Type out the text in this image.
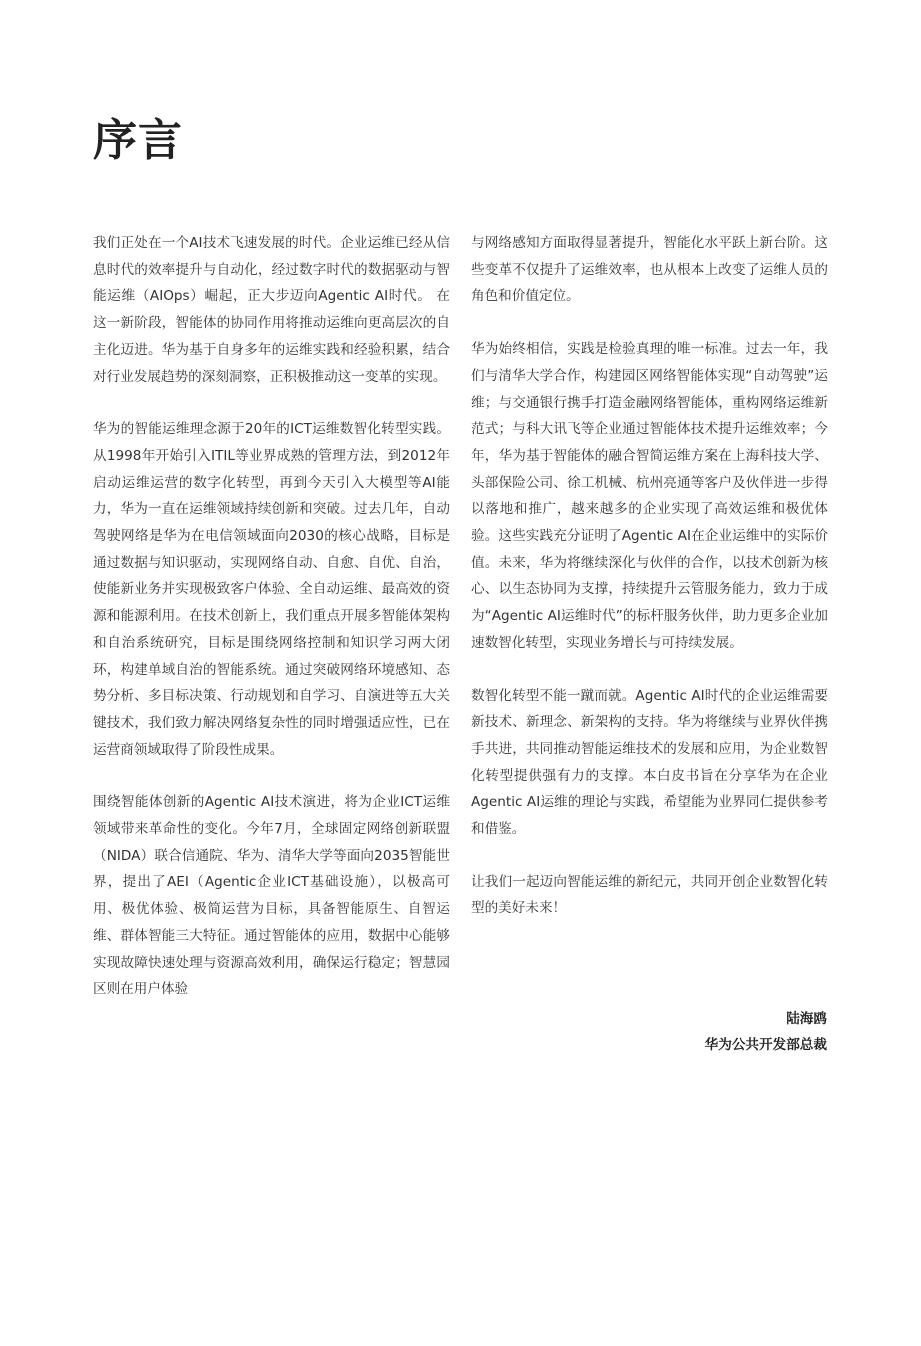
序言

我们正处在一个AI技术飞速发展的时代。企业运维已经从信息时代的效率提升与自动化，经过数字时代的数据驱动与智能运维（AIOps）崛起，正大步迈向Agentic AI时代。 在这一新阶段，智能体的协同作用将推动运维向更高层次的自主化迈进。华为基于自身多年的运维实践和经验积累，结合对行业发展趋势的深刻洞察，正积极推动这一变革的实现。

华为的智能运维理念源于20年的ICT运维数智化转型实践。从1998年开始引入ITIL等业界成熟的管理方法，到2012年启动运维运营的数字化转型，再到今天引入大模型等AI能力，华为一直在运维领域持续创新和突破。过去几年，自动驾驶网络是华为在电信领域面向2030的核心战略，目标是通过数据与知识驱动，实现网络自动、自愈、自优、自治，使能新业务并实现极致客户体验、全自动运维、最高效的资源和能源利用。在技术创新上，我们重点开展多智能体架构和自治系统研究，目标是围绕网络控制和知识学习两大闭环，构建单域自治的智能系统。通过突破网络环境感知、态势分析、多目标决策、行动规划和自学习、自演进等五大关键技术，我们致力解决网络复杂性的同时增强适应性，已在运营商领域取得了阶段性成果。

围绕智能体创新的Agentic AI技术演进，将为企业ICT运维领域带来革命性的变化。今年7月，全球固定网络创新联盟（NIDA）联合信通院、华为、清华大学等面向2035智能世界，提出了AEI（Agentic企业ICT基础设施），以极高可用、极优体验、极简运营为目标，具备智能原生、自智运维、群体智能三大特征。通过智能体的应用，数据中心能够实现故障快速处理与资源高效利用，确保运行稳定；智慧园区则在用户体验

与网络感知方面取得显著提升，智能化水平跃上新台阶。这些变革不仅提升了运维效率，也从根本上改变了运维人员的角色和价值定位。

华为始终相信，实践是检验真理的唯一标准。过去一年，我们与清华大学合作，构建园区网络智能体实现“自动驾驶”运维；与交通银行携手打造金融网络智能体，重构网络运维新范式；与科大讯飞等企业通过智能体技术提升运维效率；今年，华为基于智能体的融合智简运维方案在上海科技大学、头部保险公司、徐工机械、杭州亮通等客户及伙伴进一步得以落地和推广，越来越多的企业实现了高效运维和极优体验。这些实践充分证明了Agentic AI在企业运维中的实际价值。未来，华为将继续深化与伙伴的合作，以技术创新为核心、以生态协同为支撑，持续提升云管服务能力，致力于成为“Agentic AI运维时代”的标杆服务伙伴，助力更多企业加速数智化转型，实现业务增长与可持续发展。

数智化转型不能一蹴而就。Agentic AI时代的企业运维需要新技术、新理念、新架构的支持。华为将继续与业界伙伴携手共进，共同推动智能运维技术的发展和应用，为企业数智化转型提供强有力的支撑。本白皮书旨在分享华为在企业Agentic AI运维的理论与实践，希望能为业界同仁提供参考和借鉴。

让我们一起迈向智能运维的新纪元，共同开创企业数智化转型的美好未来！

陆海鸥
华为公共开发部总裁
